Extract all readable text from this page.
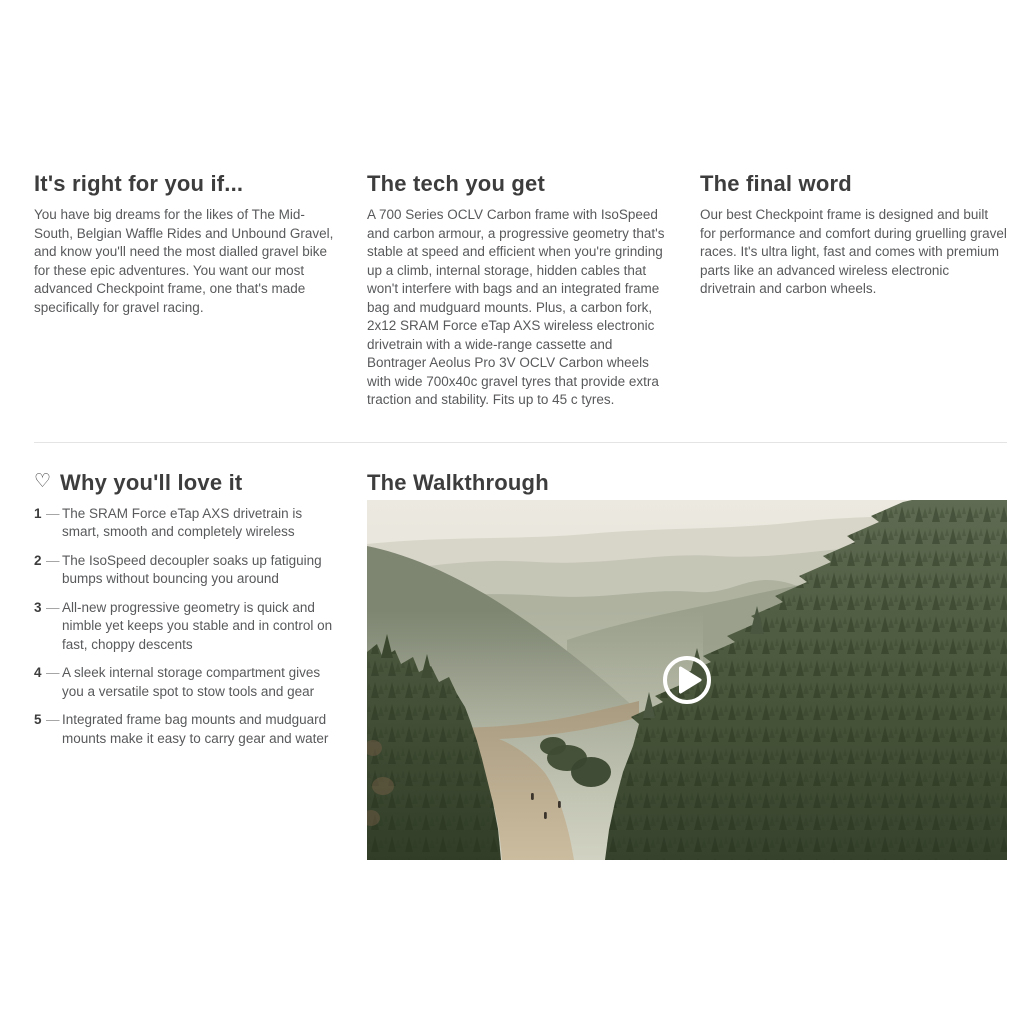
It's right for you if...

You have big dreams for the likes of The Mid-South, Belgian Waffle Rides and Unbound Gravel, and know you'll need the most dialled gravel bike for these epic adventures. You want our most advanced Checkpoint frame, one that's made specifically for gravel racing.

The tech you get

A 700 Series OCLV Carbon frame with IsoSpeed and carbon armour, a progressive geometry that's stable at speed and efficient when you're grinding up a climb, internal storage, hidden cables that won't interfere with bags and an integrated frame bag and mudguard mounts. Plus, a carbon fork, 2x12 SRAM Force eTap AXS wireless electronic drivetrain with a wide-range cassette and Bontrager Aeolus Pro 3V OCLV Carbon wheels with wide 700x40c gravel tyres that provide extra traction and stability. Fits up to 45 c tyres.

The final word

Our best Checkpoint frame is designed and built for performance and comfort during gruelling gravel races. It's ultra light, fast and comes with premium parts like an advanced wireless electronic drivetrain and carbon wheels.

♡ Why you'll love it
1 — The SRAM Force eTap AXS drivetrain is smart, smooth and completely wireless
2 — The IsoSpeed decoupler soaks up fatiguing bumps without bouncing you around
3 — All-new progressive geometry is quick and nimble yet keeps you stable and in control on fast, choppy descents
4 — A sleek internal storage compartment gives you a versatile spot to stow tools and gear
5 — Integrated frame bag mounts and mudguard mounts make it easy to carry gear and water
The Walkthrough
